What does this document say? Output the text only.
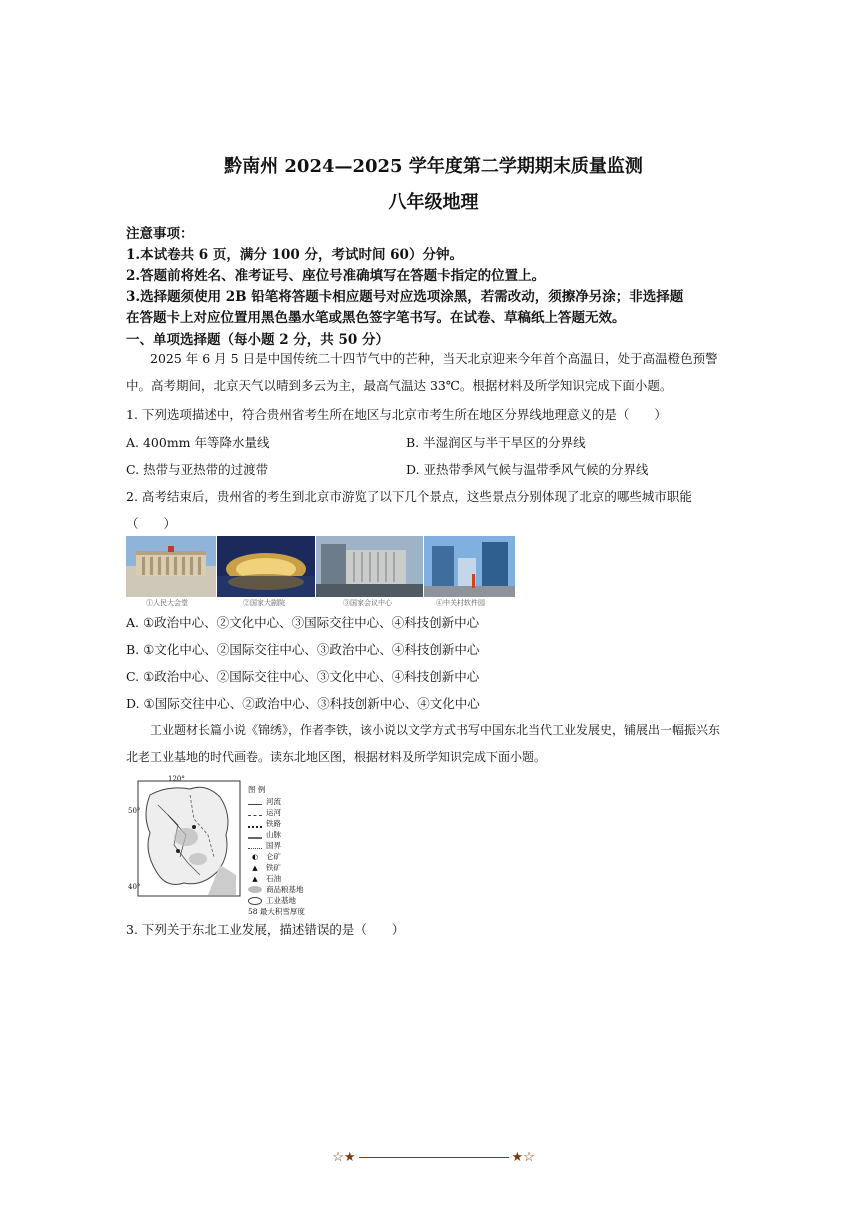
黔南州 2024—2025 学年度第二学期期末质量监测
八年级地理
注意事项：
1.本试卷共 6 页，满分 100 分，考试时间 60）分钟。
2.答题前将姓名、准考证号、座位号准确填写在答题卡指定的位置上。
3.选择题须使用 2B 铅笔将答题卡相应题号对应选项涂黑，若需改动，须擦净另涂；非选择题
在答题卡上对应位置用黑色墨水笔或黑色签字笔书写。在试卷、草稿纸上答题无效。
一、单项选择题（每小题 2 分，共 50 分）
2025 年 6 月 5 日是中国传统二十四节气中的芒种，当天北京迎来今年首个高温日，处于高温橙色预警中。高考期间，北京天气以晴到多云为主，最高气温达 33℃。根据材料及所学知识完成下面小题。
1. 下列选项描述中，符合贵州省考生所在地区与北京市考生所在地区分界线地理意义的是（　　）
A. 400mm 年等降水量线	B. 半湿润区与半干旱区的分界线
C. 热带与亚热带的过渡带	D. 亚热带季风气候与温带季风气候的分界线
2. 高考结束后，贵州省的考生到北京市游览了以下几个景点，这些景点分别体现了北京的哪些城市职能
（　　）
①人民大会堂	②国家大剧院	③国家会议中心	④中关村软件园
A. ①政治中心、②文化中心、③国际交往中心、④科技创新中心
B. ①文化中心、②国际交往中心、③政治中心、④科技创新中心
C. ①政治中心、②国际交往中心、③文化中心、④科技创新中心
D. ①国际交往中心、②政治中心、③科技创新中心、④文化中心
工业题材长篇小说《锦绣》，作者李铁，该小说以文学方式书写中国东北当代工业发展史，铺展出一幅振兴东北老工业基地的时代画卷。读东北地区图，根据材料及所学知识完成下面小题。
120°
50°
40°
图 例
河流
运河
铁路
山脉
国界
◐	仑矿
▲	铁矿
▲	石油
商品粮基地
工业基地
58 最大积雪厚度
3. 下列关于东北工业发展，描述错误的是（　　）
☆★	★☆
